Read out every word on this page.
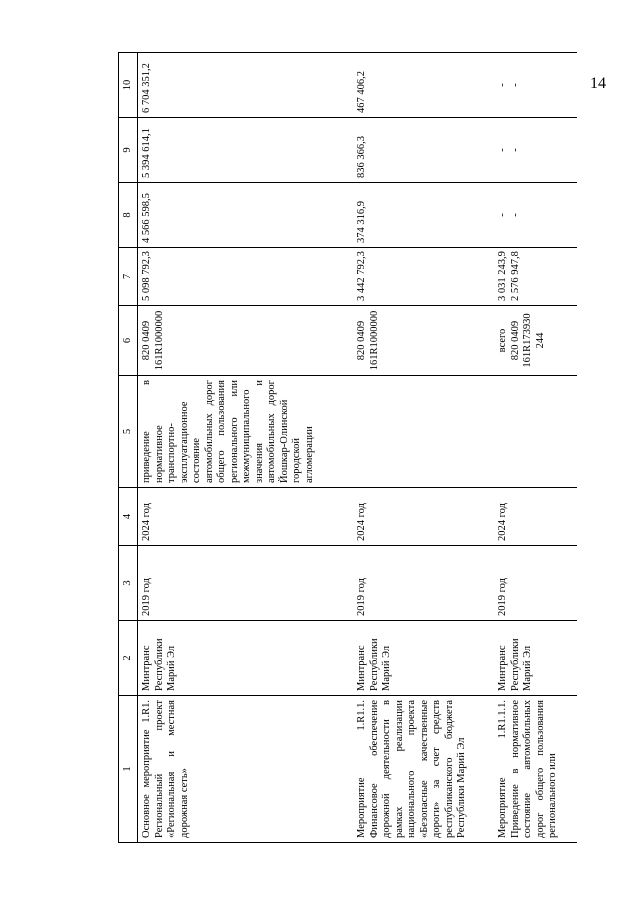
14
1	2	3	4	5	6	7	8	9	10
Основное мероприятие 1.R1. Региональный проект «Региональная и местная дорожная сеть»	Минтранс Республики Марий Эл	2019 год	2024 год	приведение в нормативное транспортно-эксплуатационное состояние автомобильных дорог общего пользования регионального или межмуниципального значения и автомобильных дорог Йошкар-Олинской городской агломерации	820 0409 161R1000000	5 098 792,3	4 566 598,5	5 394 614,1	6 704 351,2
Мероприятие 1.R1.1. Финансовое обеспечение дорожной деятельности в рамках реализации национального проекта «Безопасные качественные дороги» за счет средств республиканского бюджета Республики Марий Эл	Минтранс Республики Марий Эл	2019 год	2024 год		820 0409 161R1000000	3 442 792,3	374 316,9	836 366,3	467 406,2
Мероприятие 1.R1.1.1. Приведение в нормативное состояние автомобильных дорог общего пользования регионального или	Минтранс Республики Марий Эл	2019 год	2024 год		всего 820 0409 161R173930 244	3 031 243,9 2 576 947,8	- -	- -	- -
